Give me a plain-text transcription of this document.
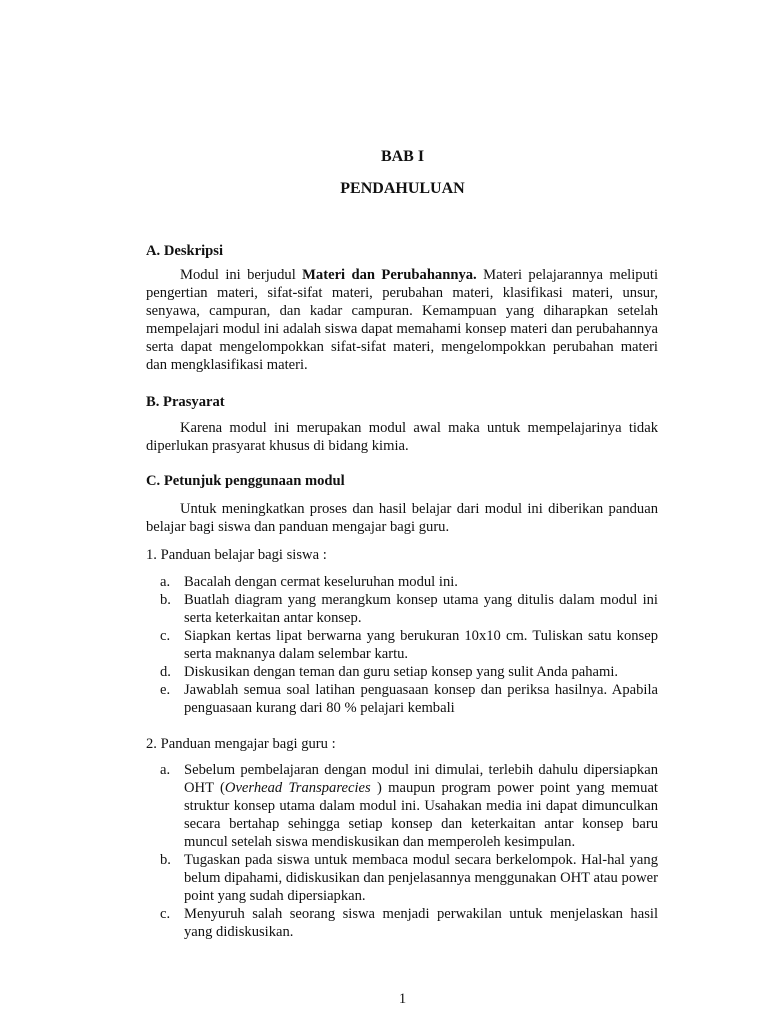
BAB I
PENDAHULUAN
A. Deskripsi
Modul ini berjudul Materi dan Perubahannya. Materi pelajarannya meliputi pengertian materi, sifat-sifat materi, perubahan materi, klasifikasi materi, unsur, senyawa, campuran, dan kadar campuran. Kemampuan yang diharapkan setelah mempelajari modul ini adalah siswa dapat memahami konsep materi dan perubahannya serta dapat mengelompokkan sifat-sifat materi, mengelompokkan perubahan materi dan mengklasifikasi materi.
B. Prasyarat
Karena modul ini merupakan modul awal maka untuk mempelajarinya tidak diperlukan prasyarat khusus di bidang kimia.
C. Petunjuk penggunaan modul
Untuk meningkatkan proses dan hasil belajar dari modul ini diberikan panduan belajar bagi siswa dan panduan mengajar bagi guru.
1. Panduan belajar bagi siswa :
a. Bacalah dengan cermat keseluruhan modul ini.
b. Buatlah diagram yang merangkum konsep utama yang ditulis dalam modul ini serta keterkaitan antar konsep.
c. Siapkan kertas lipat berwarna yang berukuran 10x10 cm. Tuliskan satu konsep serta maknanya dalam selembar kartu.
d. Diskusikan dengan teman dan guru setiap konsep yang sulit Anda pahami.
e. Jawablah semua soal latihan penguasaan konsep dan periksa hasilnya. Apabila penguasaan kurang dari 80 % pelajari kembali
2. Panduan mengajar bagi guru :
a. Sebelum pembelajaran dengan modul ini dimulai, terlebih dahulu dipersiapkan OHT (Overhead Transparecies ) maupun program power point yang memuat struktur konsep utama dalam modul ini. Usahakan media ini dapat dimunculkan secara bertahap sehingga setiap konsep dan keterkaitan antar konsep baru muncul setelah siswa mendiskusikan dan memperoleh kesimpulan.
b. Tugaskan pada siswa untuk membaca modul secara berkelompok. Hal-hal yang belum dipahami, didiskusikan dan penjelasannya menggunakan OHT atau power point yang sudah dipersiapkan.
c. Menyuruh salah seorang siswa menjadi perwakilan untuk menjelaskan hasil yang didiskusikan.
1
